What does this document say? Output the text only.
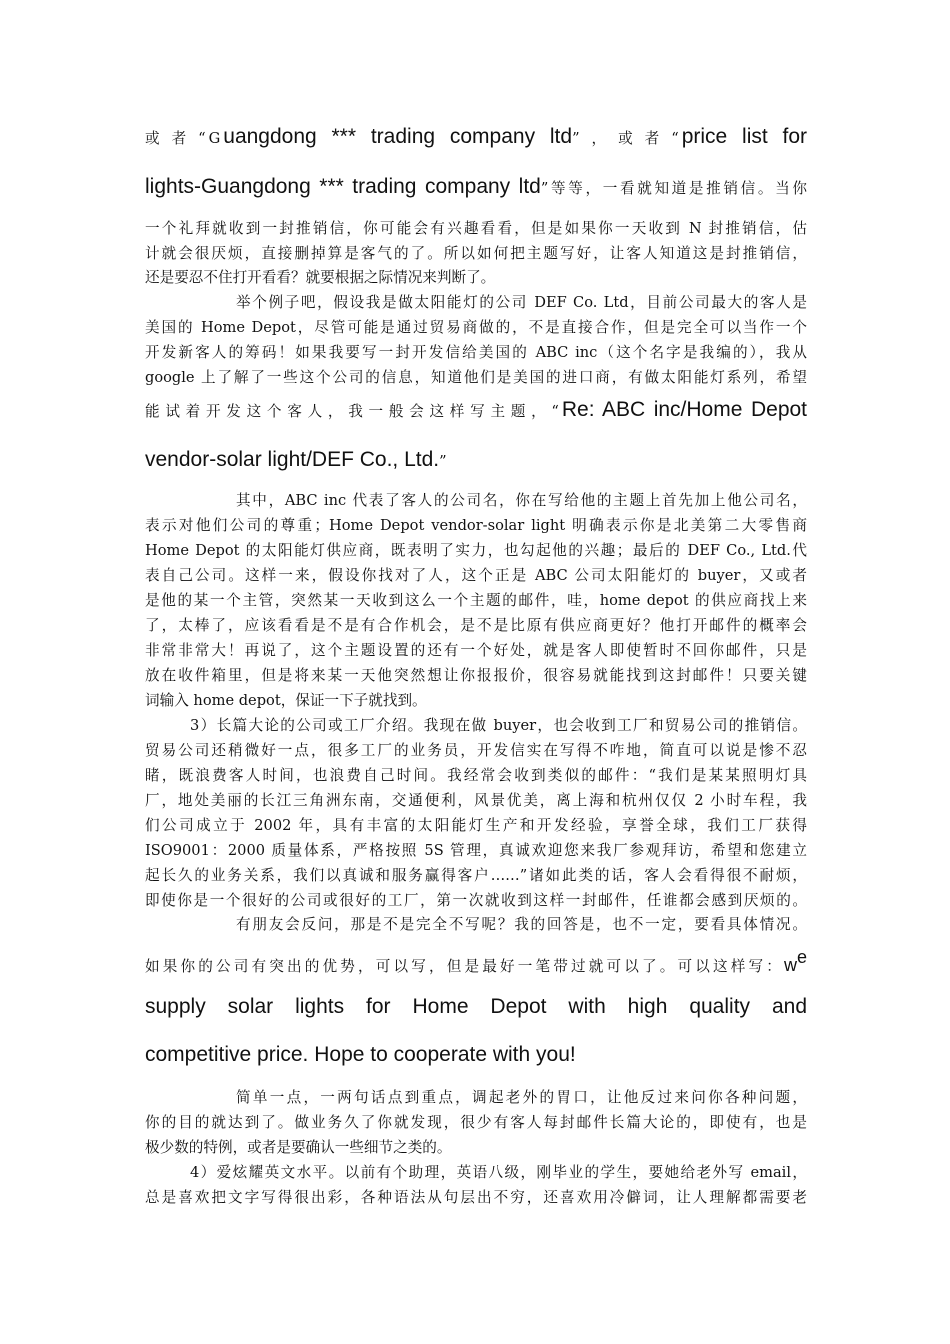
或者“Guangdong *** trading company ltd”，或者“price list for
lights-Guangdong *** trading company ltd”等等，一看就知道是推销信。当你
一个礼拜就收到一封推销信，你可能会有兴趣看看，但是如果你一天收到 N 封推销信，估
计就会很厌烦，直接删掉算是客气的了。所以如何把主题写好，让客人知道这是封推销信，
还是要忍不住打开看看？就要根据之际情况来判断了。
举个例子吧，假设我是做太阳能灯的公司 DEF Co. Ltd，目前公司最大的客人是
美国的 Home Depot，尽管可能是通过贸易商做的，不是直接合作，但是完全可以当作一个
开发新客人的筹码！如果我要写一封开发信给美国的 ABC inc（这个名字是我编的），我从
google 上了解了一些这个公司的信息，知道他们是美国的进口商，有做太阳能灯系列，希望
能试着开发这个客人，我一般会这样写主题，“Re: ABC inc/Home Depot
vendor-solar light/DEF Co., Ltd.”
其中，ABC inc 代表了客人的公司名，你在写给他的主题上首先加上他公司名，
表示对他们公司的尊重；Home Depot vendor-solar light 明确表示你是北美第二大零售商
Home Depot 的太阳能灯供应商，既表明了实力，也勾起他的兴趣；最后的 DEF Co., Ltd.代
表自己公司。这样一来，假设你找对了人，这个正是 ABC 公司太阳能灯的 buyer，又或者
是他的某一个主管，突然某一天收到这么一个主题的邮件，哇，home depot 的供应商找上来
了，太棒了，应该看看是不是有合作机会，是不是比原有供应商更好？他打开邮件的概率会
非常非常大！再说了，这个主题设置的还有一个好处，就是客人即使暂时不回你邮件，只是
放在收件箱里，但是将来某一天他突然想让你报报价，很容易就能找到这封邮件！只要关键
词输入 home depot，保证一下子就找到。
3）长篇大论的公司或工厂介绍。我现在做 buyer，也会收到工厂和贸易公司的推销信。
贸易公司还稍微好一点，很多工厂的业务员，开发信实在写得不咋地，简直可以说是惨不忍
睹，既浪费客人时间，也浪费自己时间。我经常会收到类似的邮件：“我们是某某照明灯具
厂，地处美丽的长江三角洲东南，交通便利，风景优美，离上海和杭州仅仅 2 小时车程，我
们公司成立于 2002 年，具有丰富的太阳能灯生产和开发经验，享誉全球，我们工厂获得
ISO9001：2000 质量体系，严格按照 5S 管理，真诚欢迎您来我厂参观拜访，希望和您建立
起长久的业务关系，我们以真诚和服务赢得客户……”诸如此类的话，客人会看得很不耐烦，
即使你是一个很好的公司或很好的工厂，第一次就收到这样一封邮件，任谁都会感到厌烦的。
有朋友会反问，那是不是完全不写呢？我的回答是，也不一定，要看具体情况。
如果你的公司有突出的优势，可以写，但是最好一笔带过就可以了。可以这样写：we
supply solar lights for Home Depot with high quality and
competitive price. Hope to cooperate with you!
简单一点，一两句话点到重点，调起老外的胃口，让他反过来问你各种问题，
你的目的就达到了。做业务久了你就发现，很少有客人每封邮件长篇大论的，即使有，也是
极少数的特例，或者是要确认一些细节之类的。
4）爱炫耀英文水平。以前有个助理，英语八级，刚毕业的学生，要她给老外写 email，
总是喜欢把文字写得很出彩，各种语法从句层出不穷，还喜欢用冷僻词，让人理解都需要老
